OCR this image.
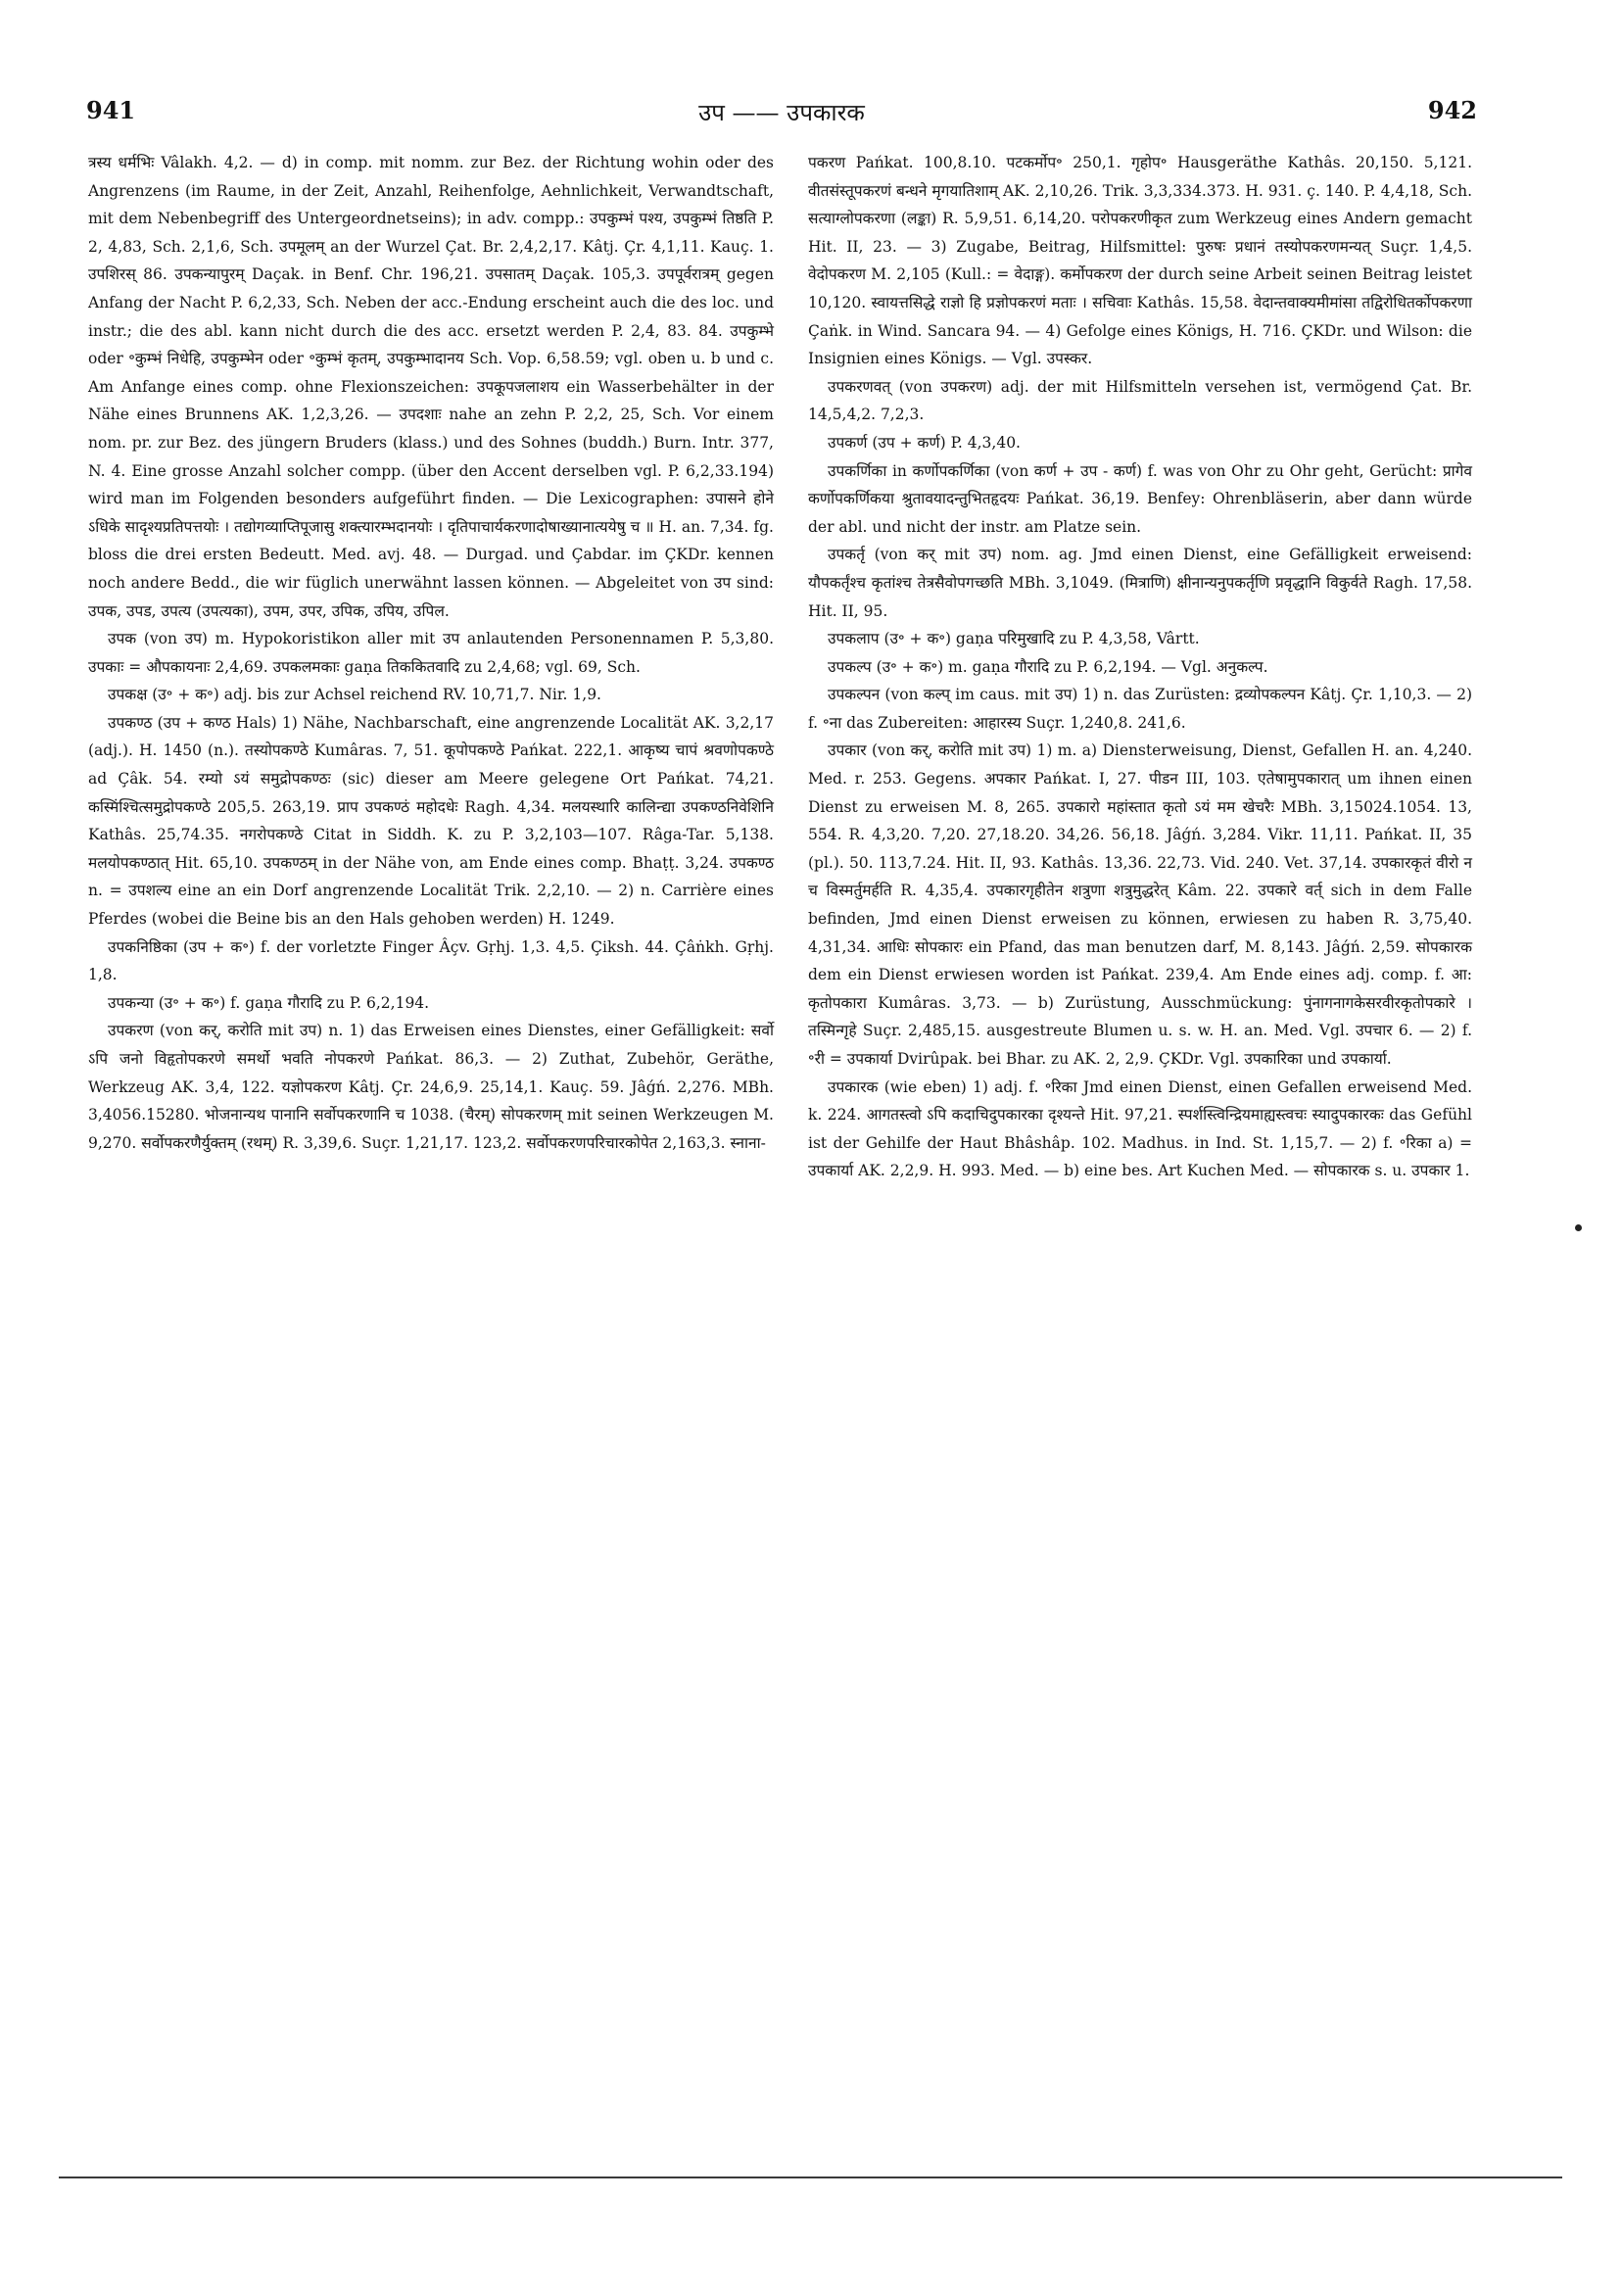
941	उप —— उपकारक	942

त्रस्य धर्मभिः Vâlakh. 4,2. — d) in comp. mit nomm. zur Bez. der Richtung wohin oder des Angrenzens (im Raume, in der Zeit, Anzahl, Reihenfolge, Aehnlichkeit, Verwandtschaft, mit dem Nebenbegriff des Untergeordnetseins); in adv. compp.: उपकुम्भं पश्य, उपकुम्भं तिष्ठति P. 2, 4,83, Sch. 2,1,6, Sch. उपमूलम् an der Wurzel Çat. Br. 2,4,2,17. Kâtj. Çr. 4,1,11. Kauç. 1. उपशिरस् 86. उपकन्यापुरम् Daçak. in Benf. Chr. 196,21. उपसातम् Daçak. 105,3. उपपूर्वरात्रम् gegen Anfang der Nacht P. 6,2,33, Sch. Neben der acc.-Endung erscheint auch die des loc. und instr.; die des abl. kann nicht durch die des acc. ersetzt werden P. 2,4, 83. 84. उपकुम्भे oder ॰कुम्भं निधेहि, उपकुम्भेन oder ॰कुम्भं कृतम्, उपकुम्भादानय Sch. Vop. 6,58.59; vgl. oben u. b und c. Am Anfange eines comp. ohne Flexionszeichen: उपकूपजलाशय ein Wasserbehälter in der Nähe eines Brunnens AK. 1,2,3,26. — उपदशाः nahe an zehn P. 2,2, 25, Sch. Vor einem nom. pr. zur Bez. des jüngern Bruders (klass.) und des Sohnes (buddh.) Burn. Intr. 377, N. 4. Eine grosse Anzahl solcher compp. (über den Accent derselben vgl. P. 6,2,33.194) wird man im Folgenden besonders aufgeführt finden. — Die Lexicographen: उपासने होने ऽधिके सादृश्यप्रतिपत्तयोः । तद्योगव्याप्तिपूजासु शक्त्यारम्भदानयोः । दृतिपाचार्यकरणादोषाख्यानात्ययेषु च ॥ H. an. 7,34. fg. bloss die drei ersten Bedeutt. Med. avj. 48. — Durgad. und Çabdar. im ÇKDr. kennen noch andere Bedd., die wir füglich unerwähnt lassen können. — Abgeleitet von उप sind: उपक, उपड, उपत्य (उपत्यका), उपम, उपर, उपिक, उपिय, उपिल.

उपक (von उप) m. Hypokoristikon aller mit उप anlautenden Personennamen P. 5,3,80. उपकाः = औपकायनाः 2,4,69. उपकलमकाः gaṇa तिककितवादि zu 2,4,68; vgl. 69, Sch.

उपकक्ष (उ॰ + क॰) adj. bis zur Achsel reichend RV. 10,71,7. Nir. 1,9.

उपकण्ठ (उप + कण्ठ Hals) 1) Nähe, Nachbarschaft, eine angrenzende Localität AK. 3,2,17 (adj.). H. 1450 (n.). तस्योपकण्ठे Kumâras. 7, 51. कूपोपकण्ठे Pańkat. 222,1. आकृष्य चापं श्रवणोपकण्ठे ad Çâk. 54. रम्यो ऽयं समुद्रोपकण्ठः (sic) dieser am Meere gelegene Ort Pańkat. 74,21. कस्मिंश्चित्समुद्रोपकण्ठे 205,5. 263,19. प्राप उपकण्ठं महोदधेः Ragh. 4,34. मलयस्थारि कालिन्द्या उपकण्ठनिवेशिनि Kathâs. 25,74.35. नगरोपकण्ठे Citat in Siddh. K. zu P. 3,2,103—107. Râga-Tar. 5,138. मलयोपकण्ठात् Hit. 65,10. उपकण्ठम् in der Nähe von, am Ende eines comp. Bhaṭṭ. 3,24. उपकण्ठ n. = उपशल्य eine an ein Dorf angrenzende Localität Trik. 2,2,10. — 2) n. Carrière eines Pferdes (wobei die Beine bis an den Hals gehoben werden) H. 1249.

उपकनिष्ठिका (उप + क॰) f. der vorletzte Finger Âçv. Gṛhj. 1,3. 4,5. Çiksh. 44. Çâṅkh. Gṛhj. 1,8.

उपकन्या (उ॰ + क॰) f. gaṇa गौरादि zu P. 6,2,194.

उपकरण (von कर्, करोति mit उप) n. 1) das Erweisen eines Dienstes, einer Gefälligkeit: सर्वो ऽपि जनो विहृतोपकरणे समर्थो भवति नोपकरणे Pańkat. 86,3. — 2) Zuthat, Zubehör, Geräthe, Werkzeug AK. 3,4, 122. यज्ञोपकरण Kâtj. Çr. 24,6,9. 25,14,1. Kauç. 59. Jâǵń. 2,276. MBh. 3,4056.15280. भोजनान्यथ पानानि सर्वोपकरणानि च 1038. (चैरम्) सोपकरणम् mit seinen Werkzeugen M. 9,270. सर्वोपकरणैर्युक्तम् (रथम्) R. 3,39,6. Suçr. 1,21,17. 123,2. सर्वोपकरणपरिचारकोपेत 2,163,3. स्नाना-

पकरण Pańkat. 100,8.10. पटकर्मोप॰ 250,1. गृहोप॰ Hausgeräthe Kathâs. 20,150. 5,121. वीतसंस्तूपकरणं बन्धने मृगयातिशाम् AK. 2,10,26. Trik. 3,3,334.373. H. 931. ç. 140. P. 4,4,18, Sch. सत्याग्लोपकरणा (लङ्का) R. 5,9,51. 6,14,20. परोपकरणीकृत zum Werkzeug eines Andern gemacht Hit. II, 23. — 3) Zugabe, Beitrag, Hilfsmittel: पुरुषः प्रधानं तस्योपकरणमन्यत् Suçr. 1,4,5. वेदोपकरण M. 2,105 (Kull.: = वेदाङ्ग). कर्मोपकरण der durch seine Arbeit seinen Beitrag leistet 10,120. स्वायत्तसिद्धे राज्ञो हि प्रज्ञोपकरणं मताः । सचिवाः Kathâs. 15,58. वेदान्तवाक्यमीमांसा तद्विरोधितर्कोपकरणा Çaṅk. in Wind. Sancara 94. — 4) Gefolge eines Königs, H. 716. ÇKDr. und Wilson: die Insignien eines Königs. — Vgl. उपस्कर.

उपकरणवत् (von उपकरण) adj. der mit Hilfsmitteln versehen ist, vermögend Çat. Br. 14,5,4,2. 7,2,3.

उपकर्ण (उप + कर्ण) P. 4,3,40.

उपकर्णिका in कर्णोपकर्णिका (von कर्ण + उप - कर्ण) f. was von Ohr zu Ohr geht, Gerücht: प्रागेव कर्णोपकर्णिकया श्रुतावयादन्तुभितहृदयः Pańkat. 36,19. Benfey: Ohrenbläserin, aber dann würde der abl. und nicht der instr. am Platze sein.

उपकर्तृ (von कर् mit उप) nom. ag. Jmd einen Dienst, eine Gefälligkeit erweisend: यौपकर्तृंश्च कृतांश्च तेत्रसैवोपगच्छति MBh. 3,1049. (मित्राणि) क्षीनान्यनुपकर्तृणि प्रवृद्धानि विकुर्वते Ragh. 17,58. Hit. II, 95.

उपकलाप (उ॰ + क॰) gaṇa परिमुखादि zu P. 4,3,58, Vârtt.

उपकल्प (उ॰ + क॰) m. gaṇa गौरादि zu P. 6,2,194. — Vgl. अनुकल्प.

उपकल्पन (von कल्प् im caus. mit उप) 1) n. das Zurüsten: द्रव्योपकल्पन Kâtj. Çr. 1,10,3. — 2) f. ॰ना das Zubereiten: आहारस्य Suçr. 1,240,8. 241,6.

उपकार (von कर्, करोति mit उप) 1) m. a) Diensterweisung, Dienst, Gefallen H. an. 4,240. Med. r. 253. Gegens. अपकार Pańkat. I, 27. पीडन III, 103. एतेषामुपकारात् um ihnen einen Dienst zu erweisen M. 8, 265. उपकारो महांस्तात कृतो ऽयं मम खेचरैः MBh. 3,15024.1054. 13, 554. R. 4,3,20. 7,20. 27,18.20. 34,26. 56,18. Jâǵń. 3,284. Vikr. 11,11. Pańkat. II, 35 (pl.). 50. 113,7.24. Hit. II, 93. Kathâs. 13,36. 22,73. Vid. 240. Vet. 37,14. उपकारकृतं वीरो न च विस्मर्तुमर्हति R. 4,35,4. उपकारगृहीतेन शत्रुणा शत्रुमुद्धरेत् Kâm. 22. उपकारे वर्त् sich in dem Falle befinden, Jmd einen Dienst erweisen zu können, erwiesen zu haben R. 3,75,40. 4,31,34. आधिः सोपकारः ein Pfand, das man benutzen darf, M. 8,143. Jâǵń. 2,59. सोपकारक dem ein Dienst erwiesen worden ist Pańkat. 239,4. Am Ende eines adj. comp. f. आ: कृतोपकारा Kumâras. 3,73. — b) Zurüstung, Ausschmückung: पुंनागनागकेसरवीरकृतोपकारे । तस्मिन्गृहे Suçr. 2,485,15. ausgestreute Blumen u. s. w. H. an. Med. Vgl. उपचार 6. — 2) f. ॰री = उपकार्या Dvirûpak. bei Bhar. zu AK. 2, 2,9. ÇKDr. Vgl. उपकारिका und उपकार्या.

उपकारक (wie eben) 1) adj. f. ॰रिका Jmd einen Dienst, einen Gefallen erweisend Med. k. 224. आगतस्त्वो ऽपि कदाचिदुपकारका दृश्यन्ते Hit. 97,21. स्पर्शस्त्विन्द्रियमाह्यस्त्वचः स्यादुपकारकः das Gefühl ist der Gehilfe der Haut Bhâshâp. 102. Madhus. in Ind. St. 1,15,7. — 2) f. ॰रिका a) = उपकार्या AK. 2,2,9. H. 993. Med. — b) eine bes. Art Kuchen Med. — सोपकारक s. u. उपकार 1.
